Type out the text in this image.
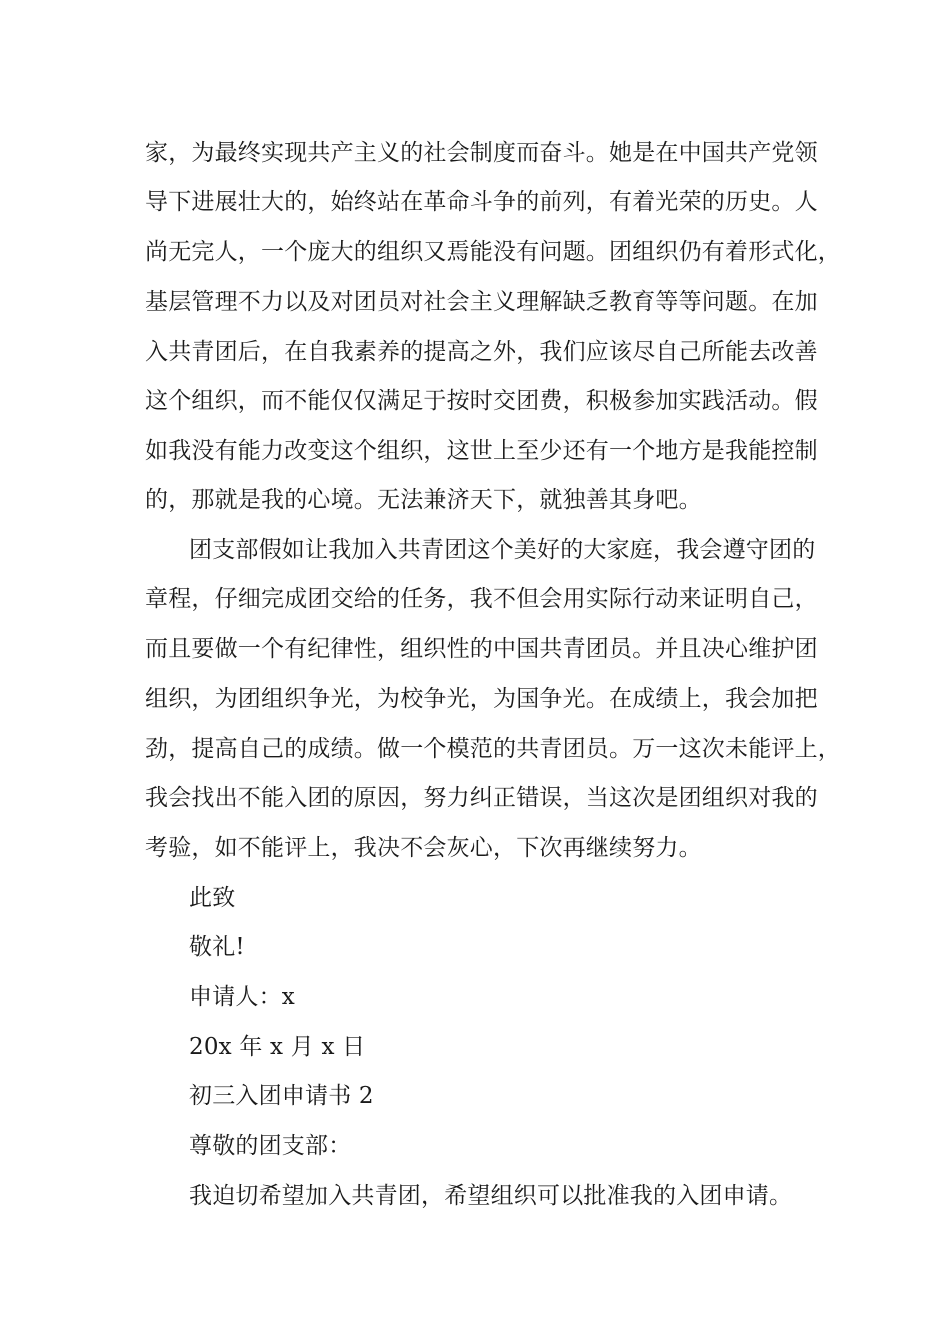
家，为最终实现共产主义的社会制度而奋斗。她是在中国共产党领
导下进展壮大的，始终站在革命斗争的前列，有着光荣的历史。人
尚无完人，一个庞大的组织又焉能没有问题。团组织仍有着形式化，
基层管理不力以及对团员对社会主义理解缺乏教育等等问题。在加
入共青团后，在自我素养的提高之外，我们应该尽自己所能去改善
这个组织，而不能仅仅满足于按时交团费，积极参加实践活动。假
如我没有能力改变这个组织，这世上至少还有一个地方是我能控制
的，那就是我的心境。无法兼济天下，就独善其身吧。
团支部假如让我加入共青团这个美好的大家庭，我会遵守团的
章程，仔细完成团交给的任务，我不但会用实际行动来证明自己，
而且要做一个有纪律性，组织性的中国共青团员。并且决心维护团
组织，为团组织争光，为校争光，为国争光。在成绩上，我会加把
劲，提高自己的成绩。做一个模范的共青团员。万一这次未能评上，
我会找出不能入团的原因，努力纠正错误，当这次是团组织对我的
考验，如不能评上，我决不会灰心，下次再继续努力。
此致
敬礼!
申请人：x
20x 年 x 月 x 日
初三入团申请书 2
尊敬的团支部：
我迫切希望加入共青团，希望组织可以批准我的入团申请。
